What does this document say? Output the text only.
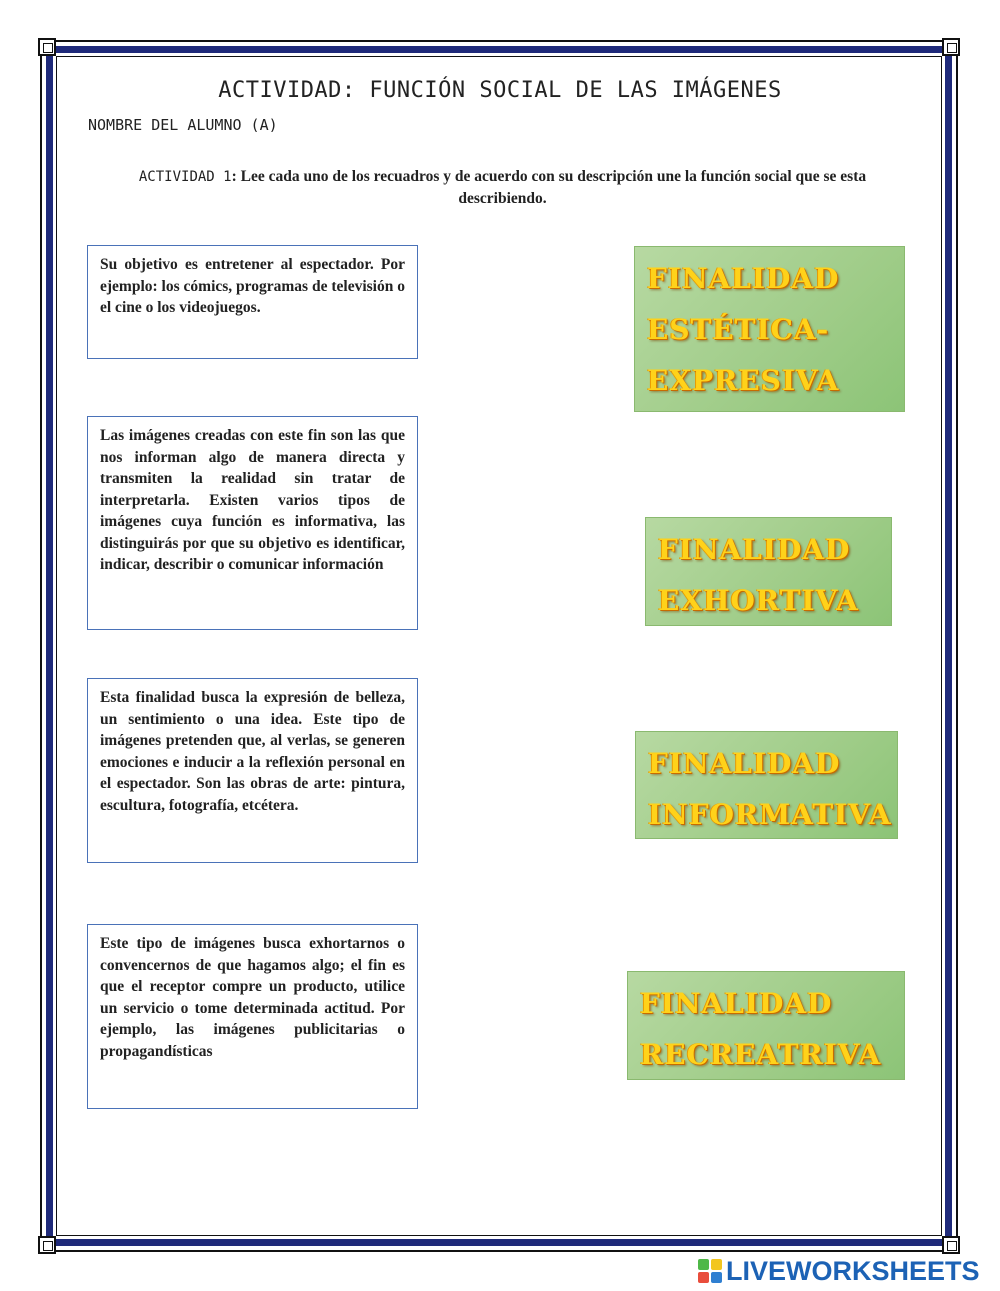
ACTIVIDAD: FUNCIÓN SOCIAL DE LAS IMÁGENES
NOMBRE DEL ALUMNO (A)
ACTIVIDAD 1: Lee cada uno de los recuadros y de acuerdo con su descripción une la función social que se esta describiendo.
Su objetivo es entretener al espectador. Por ejemplo: los cómics, programas de televisión o el cine o los videojuegos.
Las imágenes creadas con este fin son las que nos informan algo de manera directa y transmiten la realidad sin tratar de interpretarla. Existen varios tipos de imágenes cuya función es informativa, las distinguirás por que su objetivo es identificar, indicar, describir o comunicar información
Esta finalidad busca la expresión de belleza, un sentimiento o una idea. Este tipo de imágenes pretenden que, al verlas, se generen emociones e inducir a la reflexión personal en el espectador. Son las obras de arte: pintura, escultura, fotografía, etcétera.
Este tipo de imágenes busca exhortarnos o convencernos de que hagamos algo; el fin es que el receptor compre un producto, utilice un servicio o tome determinada actitud. Por ejemplo, las imágenes publicitarias o propagandísticas
FINALIDAD
ESTÉTICA-
EXPRESIVA
FINALIDAD
EXHORTIVA
FINALIDAD
INFORMATIVA
FINALIDAD
RECREATRIVA
LIVEWORKSHEETS
